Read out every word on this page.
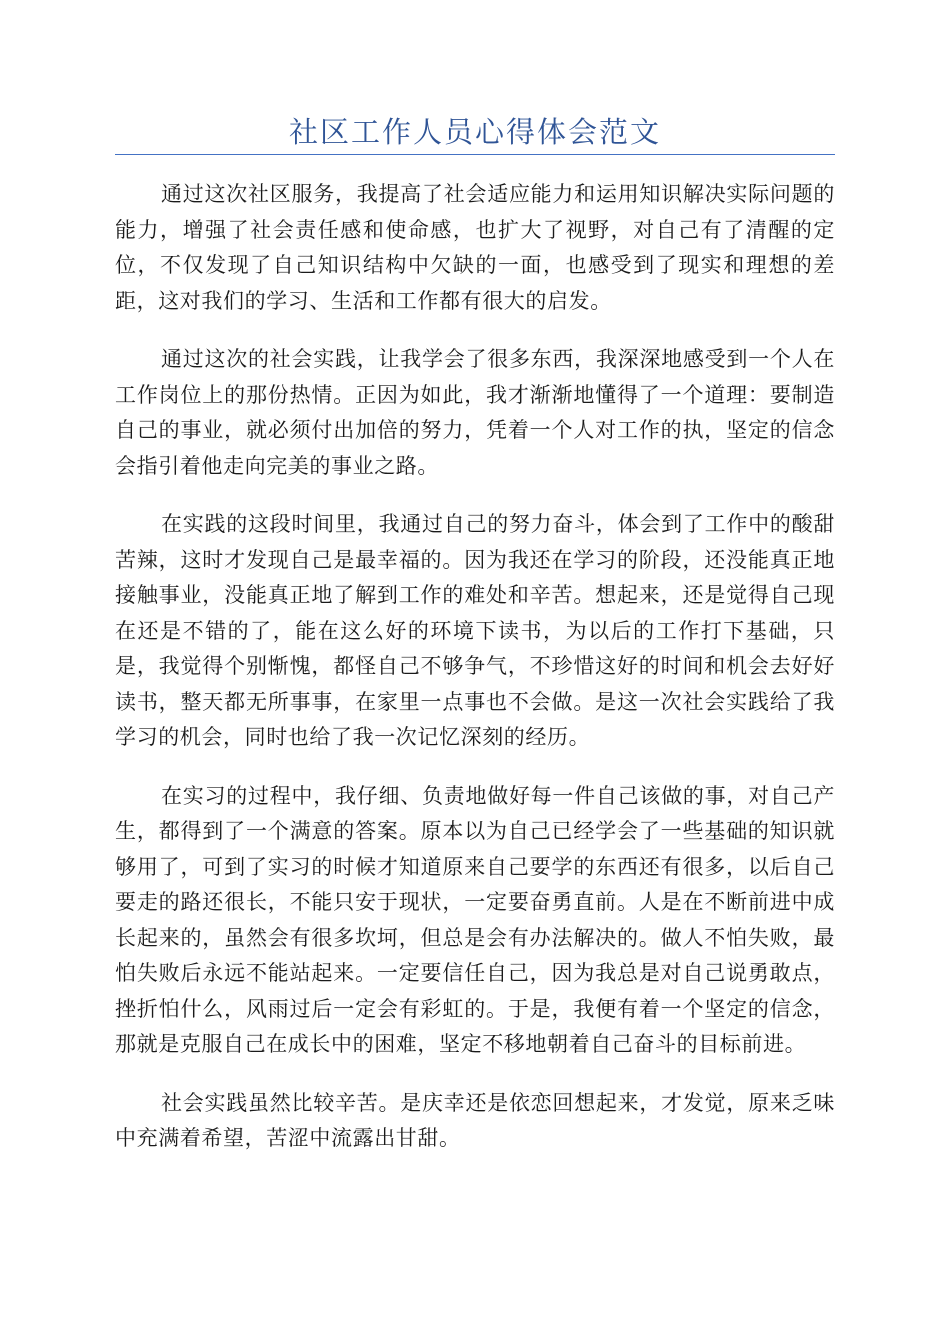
社区工作人员心得体会范文

通过这次社区服务，我提高了社会适应能力和运用知识解决实际问题的能力，增强了社会责任感和使命感，也扩大了视野，对自己有了清醒的定位，不仅发现了自己知识结构中欠缺的一面，也感受到了现实和理想的差距，这对我们的学习、生活和工作都有很大的启发。

通过这次的社会实践，让我学会了很多东西，我深深地感受到一个人在工作岗位上的那份热情。正因为如此，我才渐渐地懂得了一个道理：要制造自己的事业，就必须付出加倍的努力，凭着一个人对工作的执，坚定的信念会指引着他走向完美的事业之路。

在实践的这段时间里，我通过自己的努力奋斗，体会到了工作中的酸甜苦辣，这时才发现自己是最幸福的。因为我还在学习的阶段，还没能真正地接触事业，没能真正地了解到工作的难处和辛苦。想起来，还是觉得自己现在还是不错的了，能在这么好的环境下读书，为以后的工作打下基础，只是，我觉得个别惭愧，都怪自己不够争气，不珍惜这好的时间和机会去好好读书，整天都无所事事，在家里一点事也不会做。是这一次社会实践给了我学习的机会，同时也给了我一次记忆深刻的经历。

在实习的过程中，我仔细、负责地做好每一件自己该做的事，对自己产生，都得到了一个满意的答案。原本以为自己已经学会了一些基础的知识就够用了，可到了实习的时候才知道原来自己要学的东西还有很多，以后自己要走的路还很长，不能只安于现状，一定要奋勇直前。人是在不断前进中成长起来的，虽然会有很多坎坷，但总是会有办法解决的。做人不怕失败，最怕失败后永远不能站起来。一定要信任自己，因为我总是对自己说勇敢点，挫折怕什么，风雨过后一定会有彩虹的。于是，我便有着一个坚定的信念，那就是克服自己在成长中的困难，坚定不移地朝着自己奋斗的目标前进。

社会实践虽然比较辛苦。是庆幸还是依恋回想起来，才发觉，原来乏味中充满着希望，苦涩中流露出甘甜。
